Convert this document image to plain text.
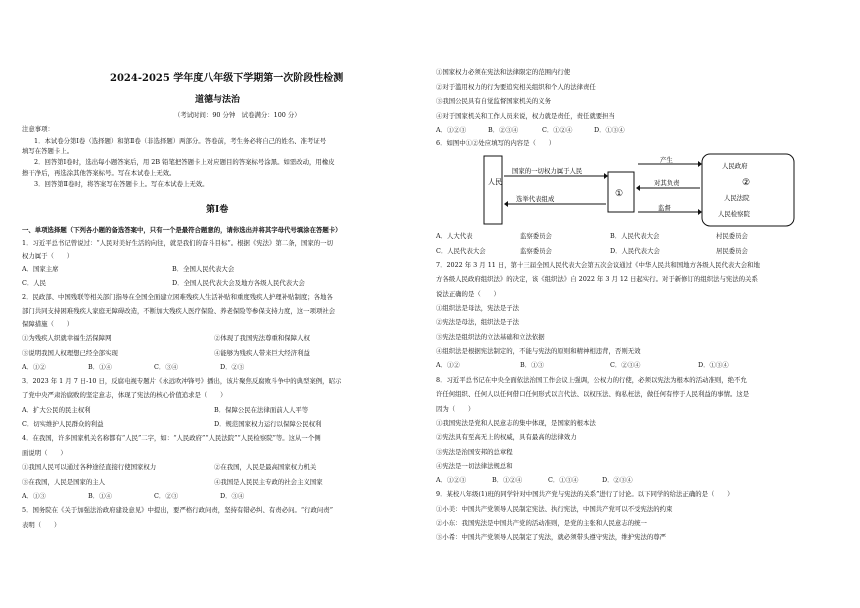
2024-2025 学年度八年级下学期第一次阶段性检测
道德与法治
（考试时间：90 分钟　试卷满分：100 分）
注意事项：
1．本试卷分第Ⅰ卷（选择题）和第Ⅱ卷（非选择题）两部分。答卷前，考生务必将自己的姓名、准考证号
填写在答题卡上。
2．回答第Ⅰ卷时，选出每小题答案后，用 2B 铅笔把答题卡上对应题目的答案标号涂黑。如需改动，用橡皮
擦干净后，再选涂其他答案标号。写在本试卷上无效。
3．回答第Ⅱ卷时，将答案写在答题卡上。写在本试卷上无效。
第Ⅰ卷
一、单项选择题（下列各小题的备选答案中，只有一个是最符合题意的，请你选出并将其字母代号填涂在答题卡）
1．习近平总书记曾说过：“人民对美好生活的向往，就是我们的奋斗目标”。根据《宪法》第二条，国家的一切
权力属于（　　）
A．国家主席	B．全国人民代表大会
C．人民	D．全国人民代表大会及地方各级人民代表大会
2．民政部、中国残联等相关部门指导在全国全面建立困难残疾人生活补贴和重度残疾人护理补贴制度；各地各
部门共同支持困难残疾人家庭无障碍改造，不断加大残疾人医疗保险、养老保险等参保支持力度，这一项项社会
保障措施（　　）
①为残疾人织就幸福生活保障网	②体现了我国宪法尊重和保障人权
③说明我国人权理想已经全部实现	④能够为残疾人带来巨大经济利益
A．①②	B．①④	C．③④	D．②③
3．2023 年 1 月 7 日-10 日，反腐电视专题片《永远吹冲锋号》播出，该片聚焦反腐败斗争中的典型案例，昭示
了党中央严肃治腐败的坚定意志，体现了宪法的核心价值追求是（　　）
A．扩大公民的民主权利	B．保障公民在法律面前人人平等
C．切实维护人民群众的利益	D．规范国家权力运行以保障公民权利
4．在我国，许多国家机关名称都有“人民”二字，如：“人民政府”“人民法院”“人民检察院”等。这从一个侧
面说明（　　）
①我国人民可以通过各种途径直接行使国家权力	②在我国，人民是最高国家权力机关
③在我国，人民是国家的主人	④我国是人民民主专政的社会主义国家
A．①③	B．①④	C．②③	D．③④
5．国务院在《关于加强法治政府建设意见》中提出，要严格行政问责，坚持有错必纠、有责必问。“行政问责”
表明（　　）
①国家权力必须在宪法和法律限定的范围内行使
②对于滥用权力的行为要追究相关组织和个人的法律责任
③我国公民具有自觉监督国家机关的义务
④对于国家机关和工作人员来说，权力就是责任，责任就要担当
A．①②③	B．②③④	C．①②④	D．①③④
6．如图中①②处应填写的内容是（　　）
人民
国家的一切权力属于人民
选举代表组成	①
产生
对其负责
监督
人民政府
②
人民法院
人民检察院
A．人大代表	监察委员会	B．人民代表大会	村民委员会
C．人民代表大会	监察委员会	D．人民代表大会	居民委员会
7．2022 年 3 月 11 日，第十三届全国人民代表大会第五次会议通过《中华人民共和国地方各级人民代表大会和地
方各级人民政府组织法》的决定，该《组织法》自 2022 年 3 月 12 日起实行。对于新修订的组织法与宪法的关系
说法正确的是（　　）
①组织法是母法，宪法是子法
②宪法是母法，组织法是子法
③宪法是组织法的立法基础和立法依据
④组织法是根据宪法制定的，不能与宪法的原则和精神相违背，否则无效
A．①②	B．①③	C．②③④	D．①③④
8．习近平总书记在中央全面依法治国工作会议上强调，公权力的行使，必须以宪法为根本的活动准则，绝不允
许任何组织、任何人以任何借口任何形式以言代法、以权压法、徇私枉法，做任何有悖于人民利益的事情。这是
因为（　　）
①我国宪法是党和人民意志的集中体现，是国家的根本法
②宪法具有至高无上的权威，具有最高的法律效力
③宪法是治国安邦的总章程
④宪法是一切法律法规总和
A．①②③	B．①②④	C．①③④	D．②③④
9．某校八年级(1)班的同学针对中国共产党与宪法的关系”进行了讨论。以下同学的给法正确的是（　　）
①小美：中国共产党领导人民制定宪法、执行宪法，中国共产党可以不受宪法的约束
②小东：我国宪法是中国共产党的活动准则，是党的主张和人民意志的统一
③小希：中国共产党领导人民制定了宪法，就必须带头遵守宪法，维护宪法的尊严
